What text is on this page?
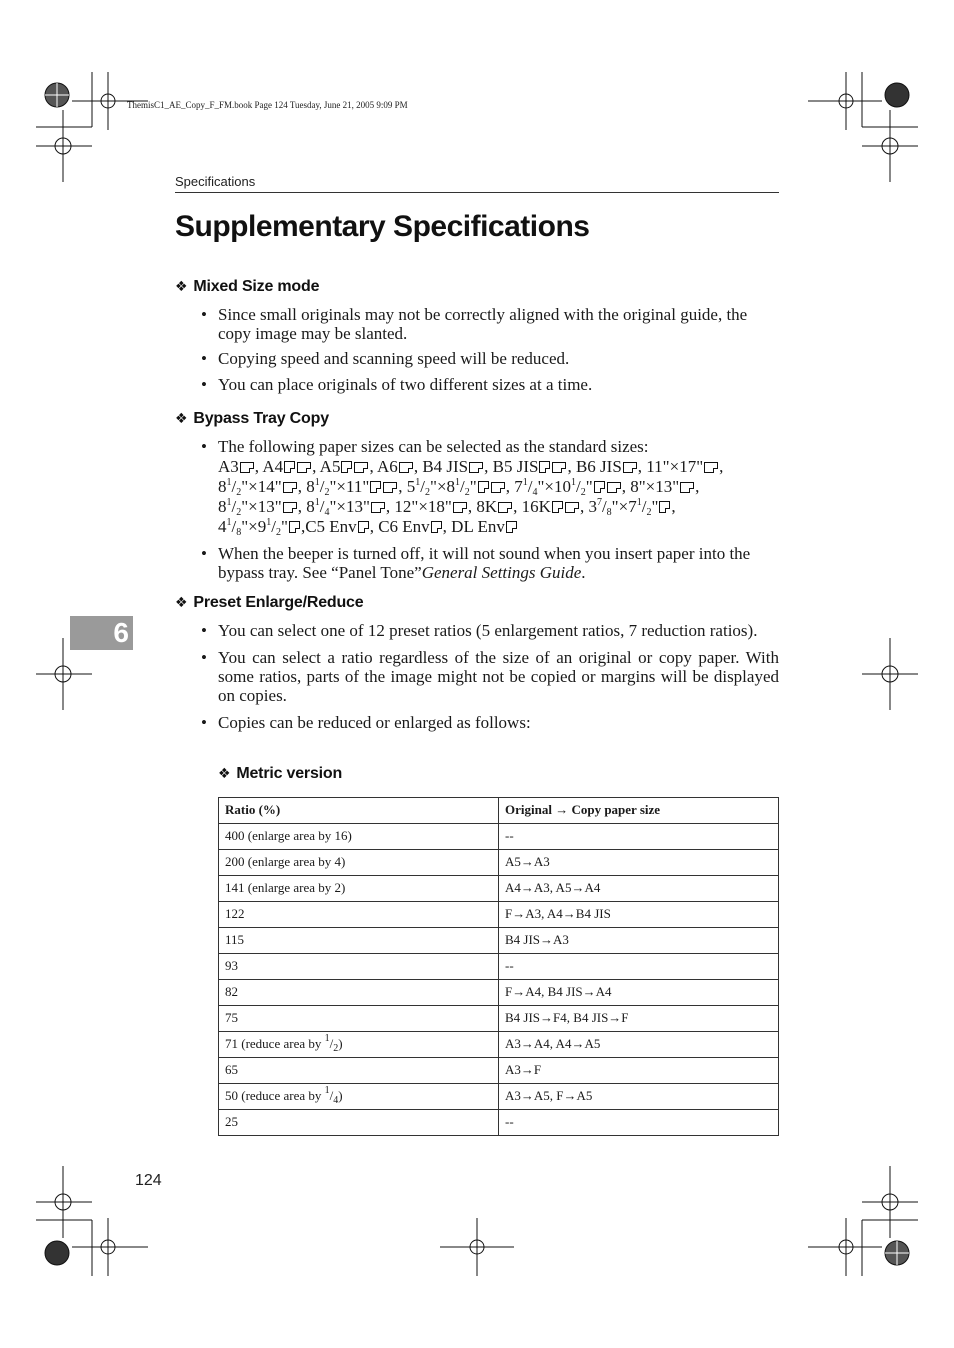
ThemisC1_AE_Copy_F_FM.book Page 124 Tuesday, June 21, 2005 9:09 PM
Specifications
Supplementary Specifications
❖ Mixed Size mode
• Since small originals may not be correctly aligned with the original guide, the copy image may be slanted.
• Copying speed and scanning speed will be reduced.
• You can place originals of two different sizes at a time.
❖ Bypass Tray Copy
• The following paper sizes can be selected as the standard sizes:
A3 , A4 , A5 , A6 , B4 JIS , B5 JIS , B6 JIS , 11"×17" ,
$8^1/_2"\times 14$" , $8^1/_2"\times 11$" , $5^1/_2"\times 8^1/_2$" , $7^1/_4"\times 10^1/_2$" , 8"×13" ,
$8^1/_2"\times 13$" , $8^1/_4"\times 13$" , 12"×18" , 8K , 16K , $3^7/_8"\times 7^1/_2$" ,
$4^1/_8"\times 9^1/_2$" ,C5 Env , C6 Env , DL Env
• When the beeper is turned off, it will not sound when you insert paper into the bypass tray. See “Panel Tone”General Settings Guide.
6
❖ Preset Enlarge/Reduce
• You can select one of 12 preset ratios (5 enlargement ratios, 7 reduction ratios).
• You can select a ratio regardless of the size of an original or copy paper. With some ratios, parts of the image might not be copied or margins will be displayed on copies.
• Copies can be reduced or enlarged as follows:
❖ Metric version
Ratio (%)	Original → Copy paper size
400 (enlarge area by 16)	--
200 (enlarge area by 4)	A5→A3
141 (enlarge area by 2)	A4→A3, A5→A4
122	F→A3, A4→B4 JIS
115	B4 JIS→A3
93	--
82	F→A4, B4 JIS→A4
75	B4 JIS→F4, B4 JIS→F
71 (reduce area by $^1/_2$)	A3→A4, A4→A5
65	A3→F
50 (reduce area by $^1/_4$)	A3→A5, F→A5
25	--
124
